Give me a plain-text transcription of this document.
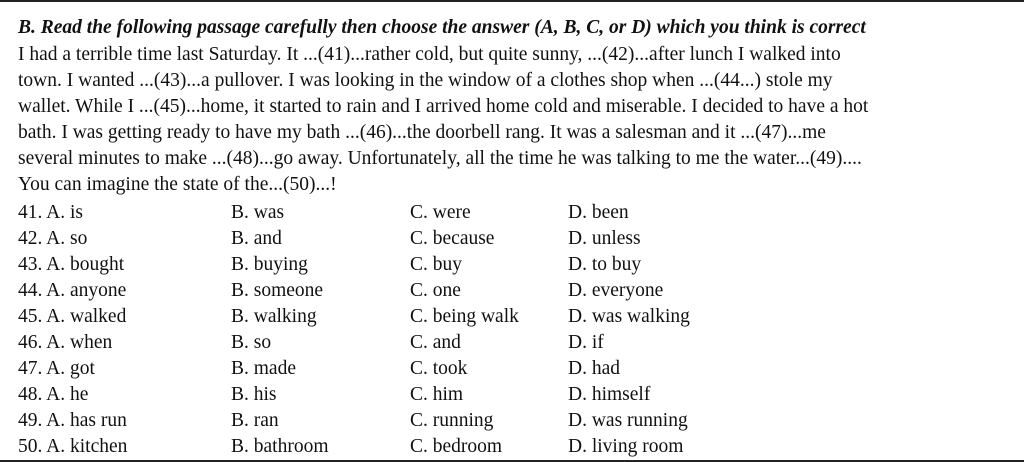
B. Read the following passage carefully then choose the answer (A, B, C, or D) which you think is correct
I had a terrible time last Saturday. It ...(41)...rather cold, but quite sunny, ...(42)...after lunch I walked into
town. I wanted ...(43)...a pullover. I was looking in the window of a clothes shop when ...(44...) stole my
wallet. While I ...(45)...home, it started to rain and I arrived home cold and miserable. I decided to have a hot
bath. I was getting ready to have my bath ...(46)...the doorbell rang. It was a salesman and it ...(47)...me
several minutes to make ...(48)...go away. Unfortunately, all the time he was talking to me the water...(49)....
You can imagine the state of the...(50)...!
41. A. is	B. was	C. were	D. been
42. A. so	B. and	C. because	D. unless
43. A. bought	B. buying	C. buy	D. to buy
44. A. anyone	B. someone	C. one	D. everyone
45. A. walked	B. walking	C. being walk	D. was walking
46. A. when	B. so	C. and	D. if
47. A. got	B. made	C. took	D. had
48. A. he	B. his	C. him	D. himself
49. A. has run	B. ran	C. running	D. was running
50. A. kitchen	B. bathroom	C. bedroom	D. living room
